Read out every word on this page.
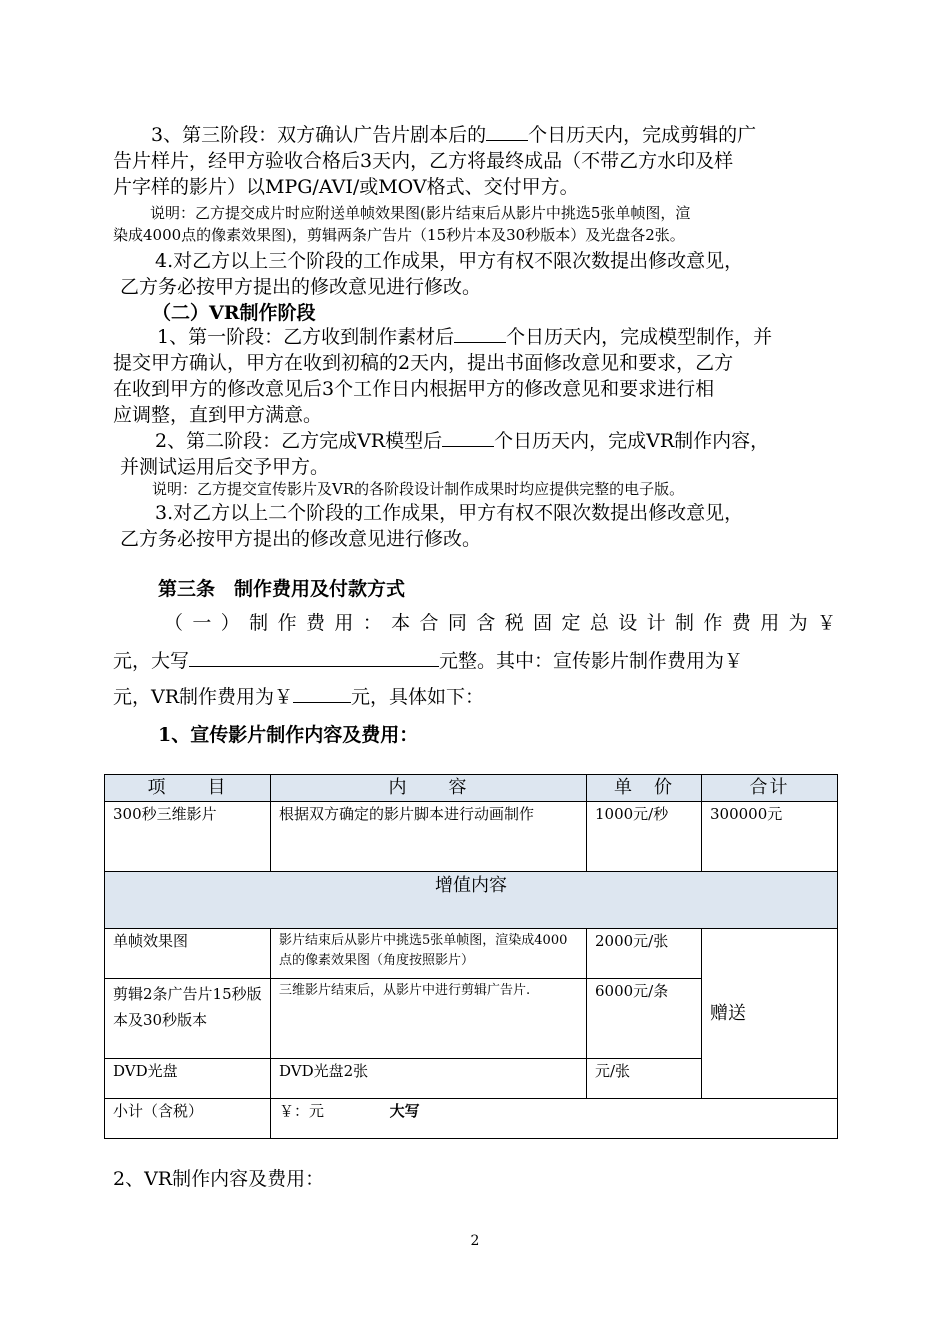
3、第三阶段：双方确认广告片剧本后的 个日历天内，完成剪辑的广

告片样片，经甲方验收合格后3天内，乙方将最终成品（不带乙方水印及样

片字样的影片）以MPG/AVI/或MOV格式、交付甲方。

说明：乙方提交成片时应附送单帧效果图(影片结束后从影片中挑选5张单帧图，渲

染成4000点的像素效果图)，剪辑两条广告片（15秒片本及30秒版本）及光盘各2张。

4.对乙方以上三个阶段的工作成果，甲方有权不限次数提出修改意见，

乙方务必按甲方提出的修改意见进行修改。

（二）VR制作阶段

1、第一阶段：乙方收到制作素材后	个日历天内，完成模型制作，并

提交甲方确认，甲方在收到初稿的2天内，提出书面修改意见和要求，乙方

在收到甲方的修改意见后3个工作日内根据甲方的修改意见和要求进行相

应调整，直到甲方满意。

2、第二阶段：乙方完成VR模型后	个日历天内，完成VR制作内容，

并测试运用后交予甲方。

说明：乙方提交宣传影片及VR的各阶段设计制作成果时均应提供完整的电子版。

3.对乙方以上二个阶段的工作成果，甲方有权不限次数提出修改意见，

乙方务必按甲方提出的修改意见进行修改。

第三条　制作费用及付款方式

（ 一 ） 制 作 费 用 ： 本 合 同 含 税 固 定 总 设 计 制 作 费 用 为 ￥

元，大写	元整。其中：宣传影片制作费用为￥

元，VR制作费用为￥	元，具体如下：

1、宣传影片制作内容及费用：

项　　目	内　　容	单　价	合计
300秒三维影片	根据双方确定的影片脚本进行动画制作	1000元/秒	300000元
增值内容			
单帧效果图	影片结束后从影片中挑选5张单帧图，渲染成4000点的像素效果图（角度按照影片）	2000元/张	赠送
剪辑2条广告片15秒版本及30秒版本	三维影片结束后，从影片中进行剪辑广告片.	6000元/条	
DVD光盘	DVD光盘2张	元/张	
小计（含税）	￥：元 大写		

2、VR制作内容及费用：

2
